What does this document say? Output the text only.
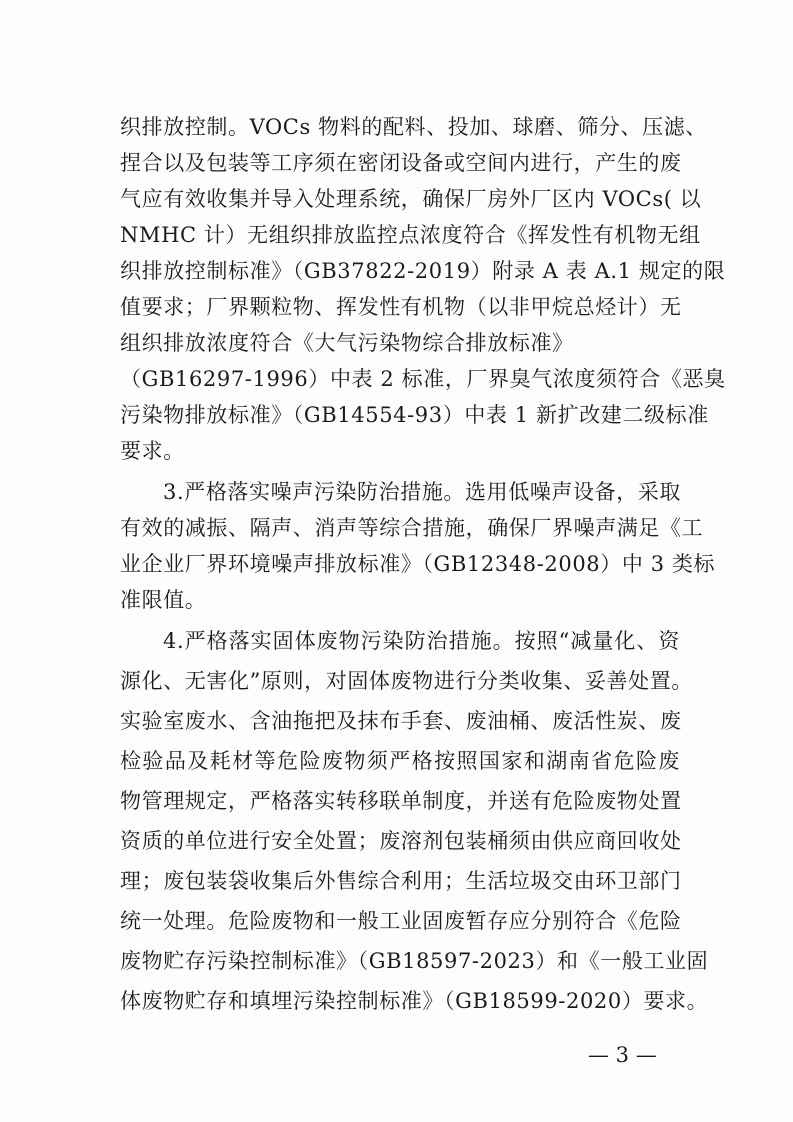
织排放控制。VOCs 物料的配料、投加、球磨、筛分、压滤、
捏合以及包装等工序须在密闭设备或空间内进行，产生的废
气应有效收集并导入处理系统，确保厂房外厂区内 VOCs( 以
NMHC 计）无组织排放监控点浓度符合《挥发性有机物无组
织排放控制标准》（GB37822-2019）附录 A 表 A.1 规定的限
值要求；厂界颗粒物、挥发性有机物（以非甲烷总烃计）无
组织排放浓度符合《大气污染物综合排放标准》
（GB16297-1996）中表 2 标准，厂界臭气浓度须符合《恶臭
污染物排放标准》（GB14554-93）中表 1 新扩改建二级标准
要求。
3.严格落实噪声污染防治措施。选用低噪声设备，采取
有效的减振、隔声、消声等综合措施，确保厂界噪声满足《工
业企业厂界环境噪声排放标准》（GB12348-2008）中 3 类标
准限值。
4.严格落实固体废物污染防治措施。按照“减量化、资
源化、无害化”原则，对固体废物进行分类收集、妥善处置。
实验室废水、含油拖把及抹布手套、废油桶、废活性炭、废
检验品及耗材等危险废物须严格按照国家和湖南省危险废
物管理规定，严格落实转移联单制度，并送有危险废物处置
资质的单位进行安全处置；废溶剂包装桶须由供应商回收处
理；废包装袋收集后外售综合利用；生活垃圾交由环卫部门
统一处理。危险废物和一般工业固废暂存应分别符合《危险
废物贮存污染控制标准》（GB18597-2023）和《一般工业固
体废物贮存和填埋污染控制标准》（GB18599-2020）要求。
— 3 —
